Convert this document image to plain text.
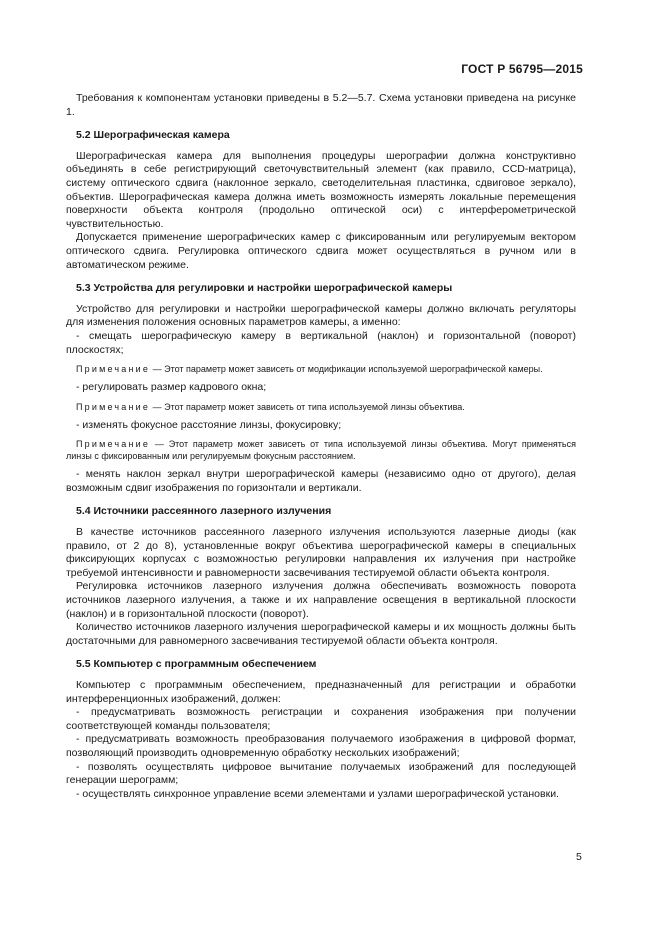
ГОСТ Р 56795—2015

Требования к компонентам установки приведены в 5.2—5.7. Схема установки приведена на рисунке 1.

5.2 Шерографическая камера

Шерографическая камера для выполнения процедуры шерографии должна конструктивно объединять в себе регистрирующий светочувствительный элемент (как правило, CCD-матрица), систему оптического сдвига (наклонное зеркало, светоделительная пластинка, сдвиговое зеркало), объектив. Шерографическая камера должна иметь возможность измерять локальные перемещения поверхности объекта контроля (продольно оптической оси) с интерферометрической чувствительностью.

Допускается применение шерографических камер с фиксированным или регулируемым вектором оптического сдвига. Регулировка оптического сдвига может осуществляться в ручном или в автоматическом режиме.

5.3 Устройства для регулировки и настройки шерографической камеры

Устройство для регулировки и настройки шерографической камеры должно включать регуляторы для изменения положения основных параметров камеры, а именно:

- смещать шерографическую камеру в вертикальной (наклон) и горизонтальной (поворот) плоскостях;

Примечание — Этот параметр может зависеть от модификации используемой шерографической камеры.

- регулировать размер кадрового окна;

Примечание — Этот параметр может зависеть от типа используемой линзы объектива.

- изменять фокусное расстояние линзы, фокусировку;

Примечание — Этот параметр может зависеть от типа используемой линзы объектива. Могут применяться линзы с фиксированным или регулируемым фокусным расстоянием.

- менять наклон зеркал внутри шерографической камеры (независимо одно от другого), делая возможным сдвиг изображения по горизонтали и вертикали.

5.4 Источники рассеянного лазерного излучения

В качестве источников рассеянного лазерного излучения используются лазерные диоды (как правило, от 2 до 8), установленные вокруг объектива шерографической камеры в специальных фиксирующих корпусах с возможностью регулировки направления их излучения при настройке требуемой интенсивности и равномерности засвечивания тестируемой области объекта контроля.

Регулировка источников лазерного излучения должна обеспечивать возможность поворота источников лазерного излучения, а также и их направление освещения в вертикальной плоскости (наклон) и в горизонтальной плоскости (поворот).

Количество источников лазерного излучения шерографической камеры и их мощность должны быть достаточными для равномерного засвечивания тестируемой области объекта контроля.

5.5 Компьютер с программным обеспечением

Компьютер с программным обеспечением, предназначенный для регистрации и обработки интерференционных изображений, должен:

- предусматривать возможность регистрации и сохранения изображения при получении соответствующей команды пользователя;

- предусматривать возможность преобразования получаемого изображения в цифровой формат, позволяющий производить одновременную обработку нескольких изображений;

- позволять осуществлять цифровое вычитание получаемых изображений для последующей генерации шерограмм;

- осуществлять синхронное управление всеми элементами и узлами шерографической установки.

5
